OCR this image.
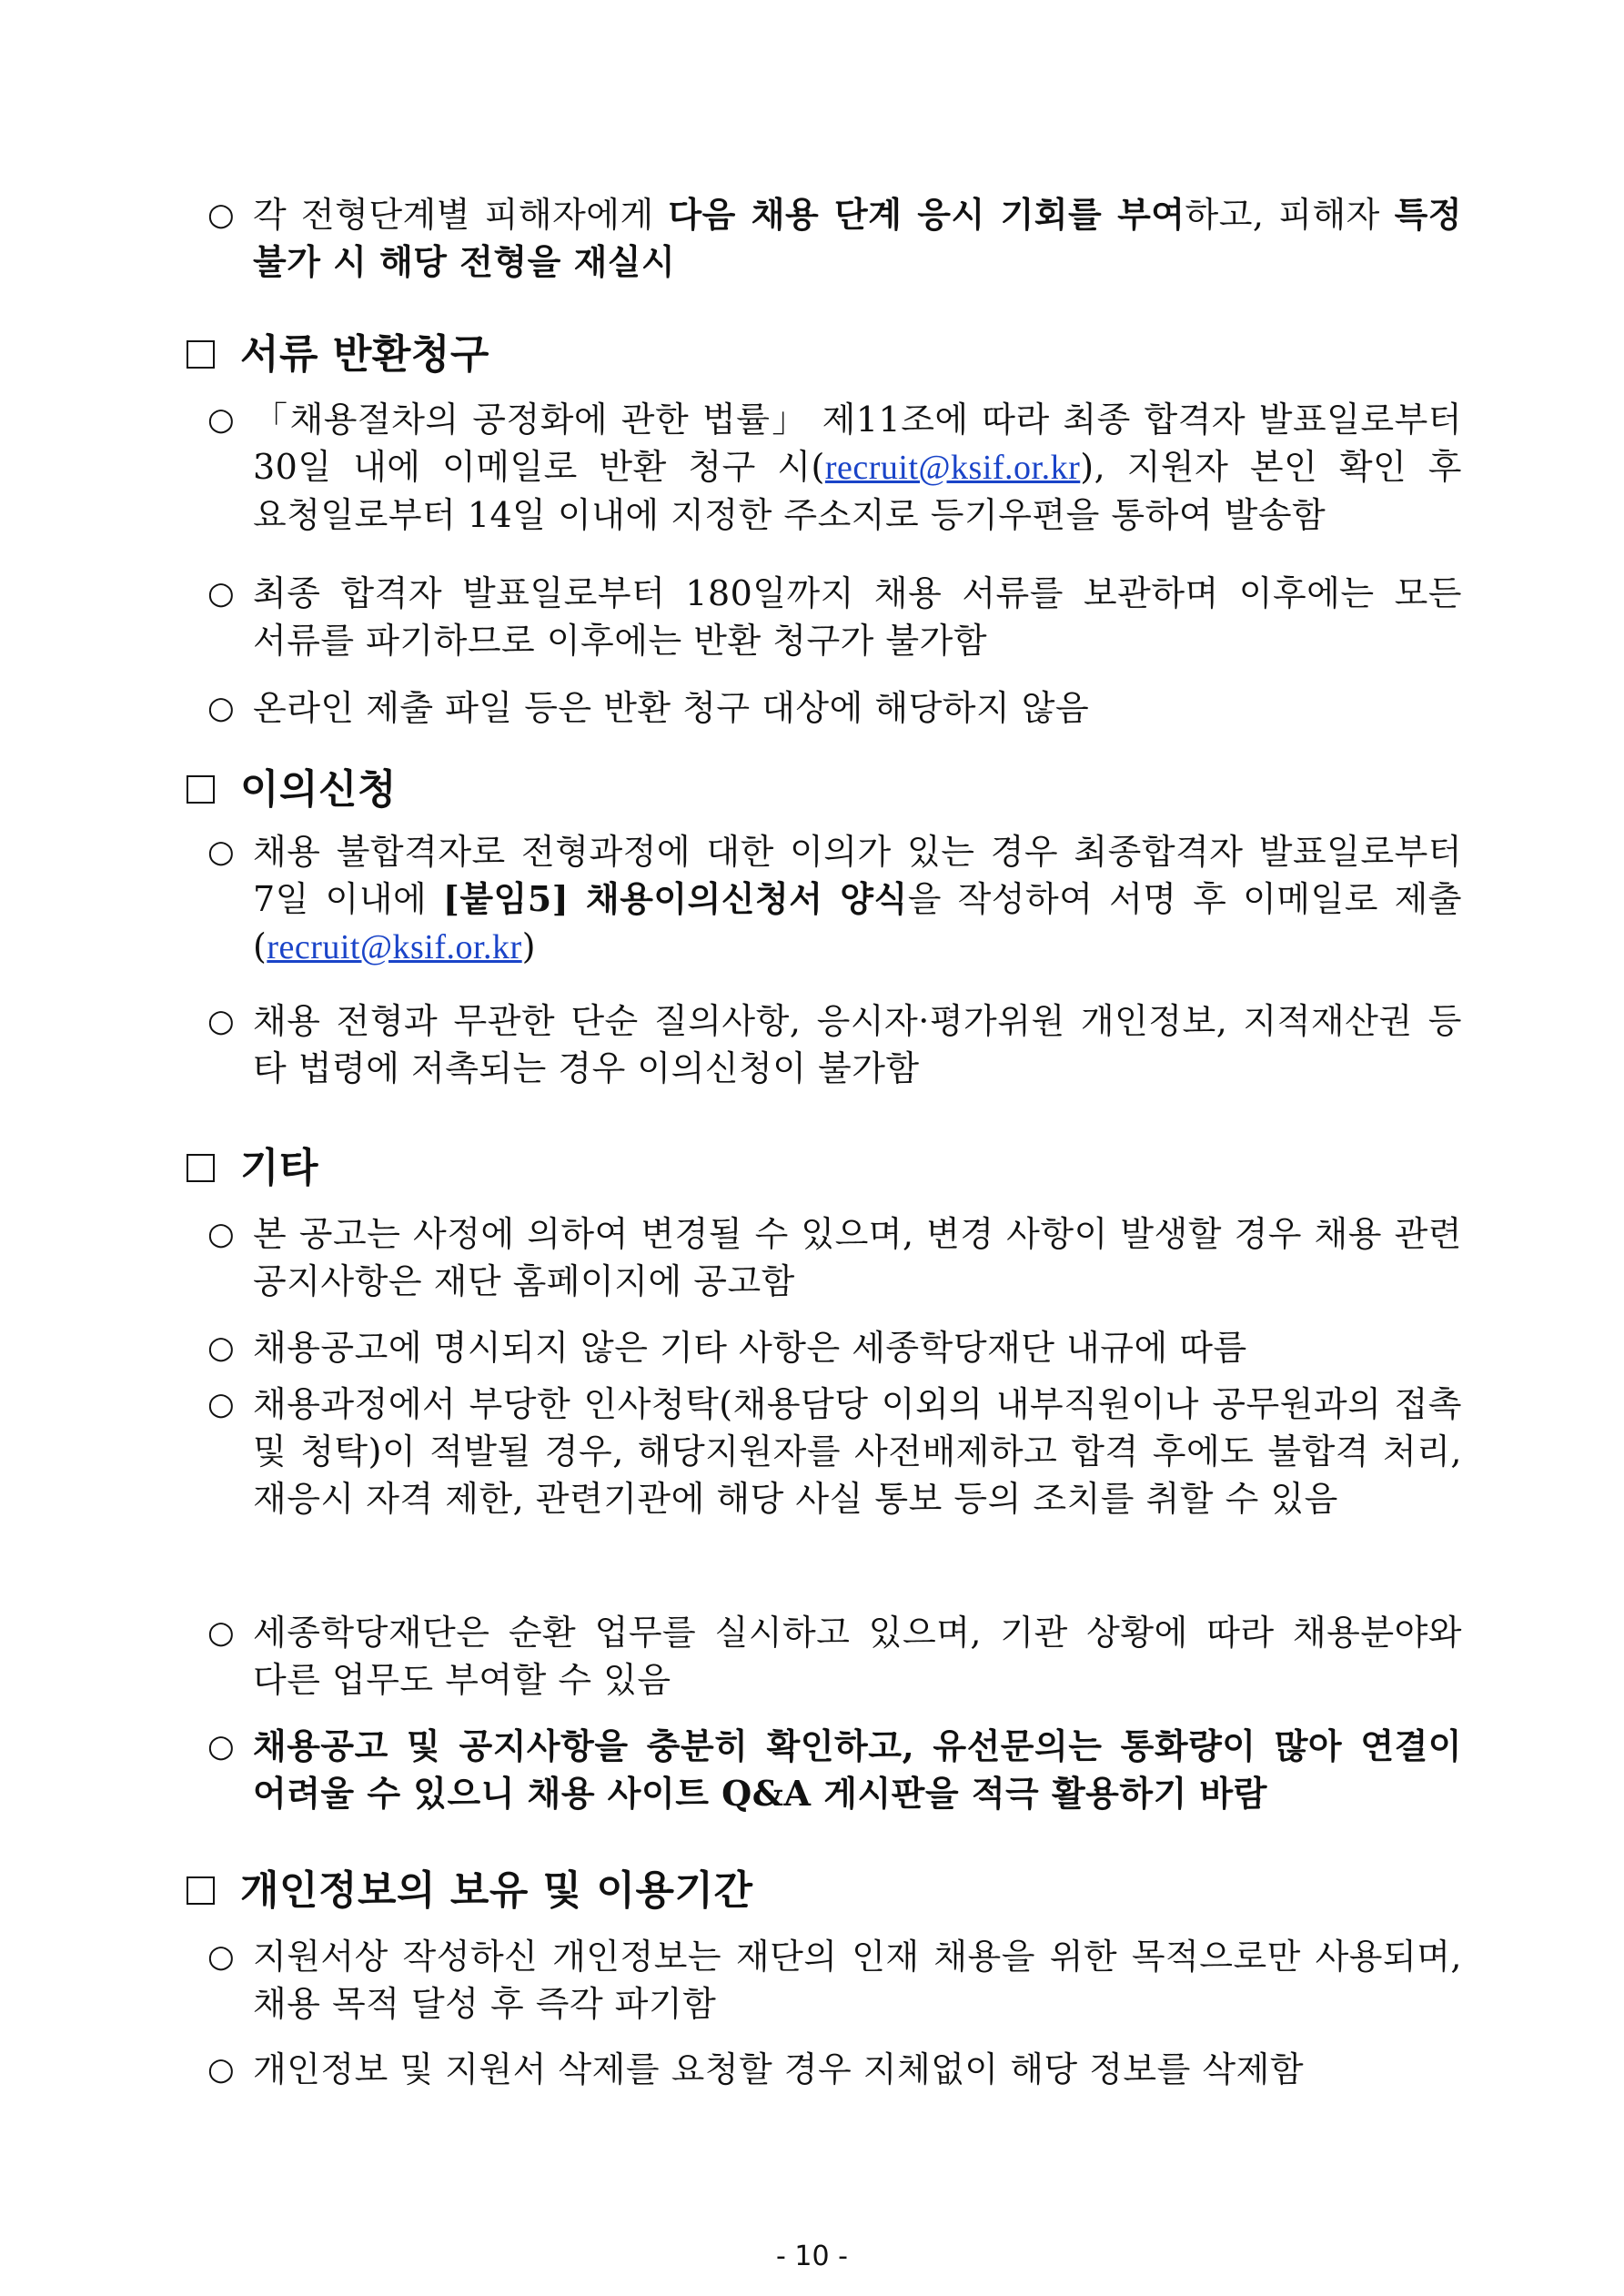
○ 각 전형단계별 피해자에게 다음 채용 단계 응시 기회를 부여하고, 피해자 특정 불가 시 해당 전형을 재실시
서류 반환청구
○ 「채용절차의 공정화에 관한 법률」 제11조에 따라 최종 합격자 발표일로부터 30일 내에 이메일로 반환 청구 시(recruit@ksif.or.kr), 지원자 본인 확인 후 요청일로부터 14일 이내에 지정한 주소지로 등기우편을 통하여 발송함
○ 최종 합격자 발표일로부터 180일까지 채용 서류를 보관하며 이후에는 모든 서류를 파기하므로 이후에는 반환 청구가 불가함
○ 온라인 제출 파일 등은 반환 청구 대상에 해당하지 않음
이의신청
○ 채용 불합격자로 전형과정에 대한 이의가 있는 경우 최종합격자 발표일로부터 7일 이내에 [붙임5] 채용이의신청서 양식을 작성하여 서명 후 이메일로 제출(recruit@ksif.or.kr)
○ 채용 전형과 무관한 단순 질의사항, 응시자·평가위원 개인정보, 지적재산권 등 타 법령에 저촉되는 경우 이의신청이 불가함
기타
○ 본 공고는 사정에 의하여 변경될 수 있으며, 변경 사항이 발생할 경우 채용 관련 공지사항은 재단 홈페이지에 공고함
○ 채용공고에 명시되지 않은 기타 사항은 세종학당재단 내규에 따름
○ 채용과정에서 부당한 인사청탁(채용담당 이외의 내부직원이나 공무원과의 접촉 및 청탁)이 적발될 경우, 해당지원자를 사전배제하고 합격 후에도 불합격 처리, 재응시 자격 제한, 관련기관에 해당 사실 통보 등의 조치를 취할 수 있음
○ 세종학당재단은 순환 업무를 실시하고 있으며, 기관 상황에 따라 채용분야와 다른 업무도 부여할 수 있음
○ 채용공고 및 공지사항을 충분히 확인하고, 유선문의는 통화량이 많아 연결이 어려울 수 있으니 채용 사이트 Q&A 게시판을 적극 활용하기 바람
개인정보의 보유 및 이용기간
○ 지원서상 작성하신 개인정보는 재단의 인재 채용을 위한 목적으로만 사용되며, 채용 목적 달성 후 즉각 파기함
○ 개인정보 및 지원서 삭제를 요청할 경우 지체없이 해당 정보를 삭제함
- 10 -
